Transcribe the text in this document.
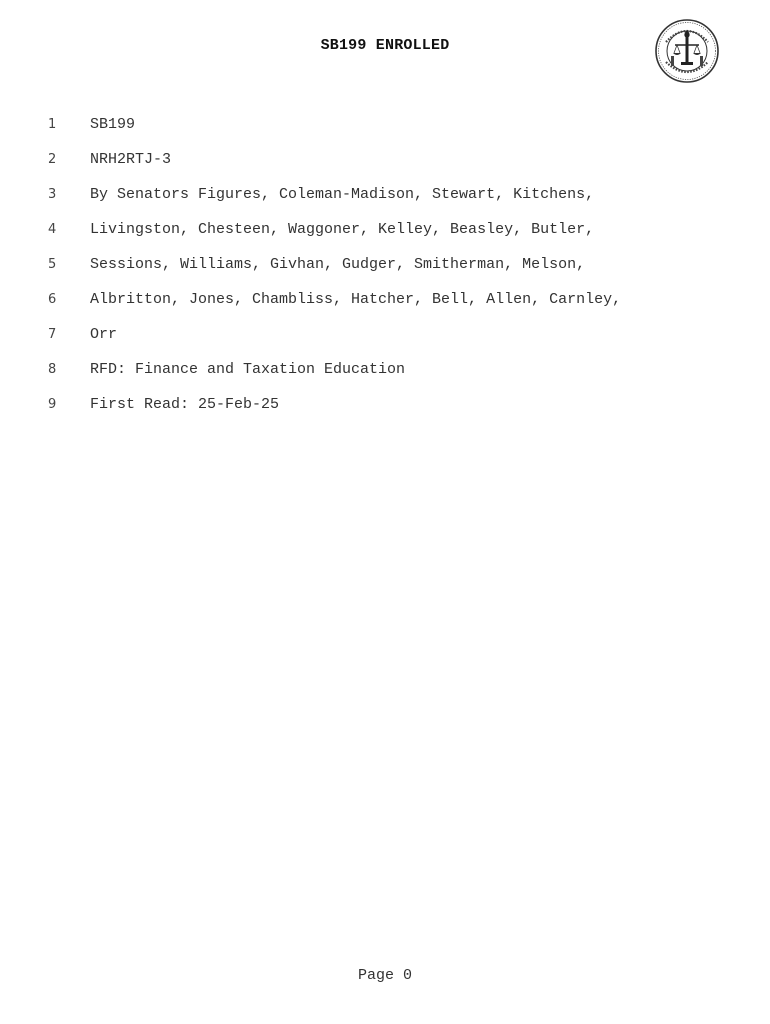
SB199 ENROLLED
1 SB199
2 NRH2RTJ-3
3 By Senators Figures, Coleman-Madison, Stewart, Kitchens,
4 Livingston, Chesteen, Waggoner, Kelley, Beasley, Butler,
5 Sessions, Williams, Givhan, Gudger, Smitherman, Melson,
6 Albritton, Jones, Chambliss, Hatcher, Bell, Allen, Carnley,
7 Orr
8 RFD: Finance and Taxation Education
9 First Read: 25-Feb-25
Page 0
